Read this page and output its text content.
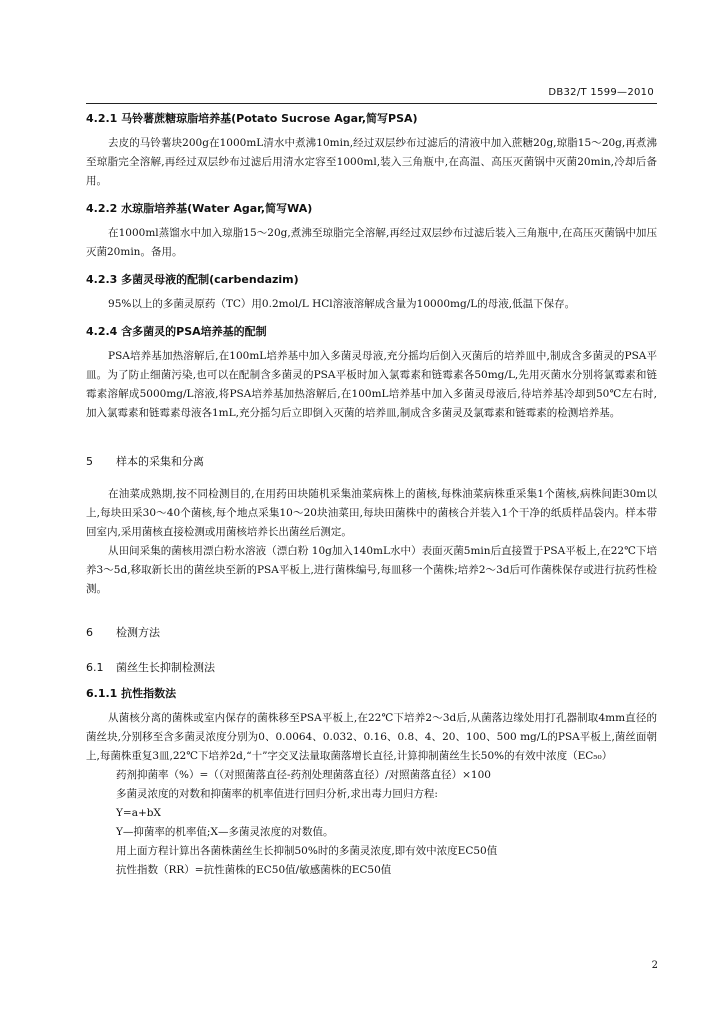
DB32/T 1599—2010

4.2.1 马铃薯蔗糖琼脂培养基(Potato Sucrose Agar,简写PSA)

去皮的马铃薯块200g在1000mL清水中煮沸10min,经过双层纱布过滤后的清液中加入蔗糖20g,琼脂15～20g,再煮沸至琼脂完全溶解,再经过双层纱布过滤后用清水定容至1000ml,装入三角瓶中,在高温、高压灭菌锅中灭菌20min,冷却后备用。

4.2.2 水琼脂培养基(Water Agar,简写WA)

在1000ml蒸馏水中加入琼脂15～20g,煮沸至琼脂完全溶解,再经过双层纱布过滤后装入三角瓶中,在高压灭菌锅中加压灭菌20min。备用。

4.2.3 多菌灵母液的配制(carbendazim)

95%以上的多菌灵原药（TC）用0.2mol/L HCl溶液溶解成含量为10000mg/L的母液,低温下保存。

4.2.4 含多菌灵的PSA培养基的配制

PSA培养基加热溶解后,在100mL培养基中加入多菌灵母液,充分摇均后倒入灭菌后的培养皿中,制成含多菌灵的PSA平皿。为了防止细菌污染,也可以在配制含多菌灵的PSA平板时加入氯霉素和链霉素各50mg/L,先用灭菌水分别将氯霉素和链霉素溶解成5000mg/L溶液,将PSA培养基加热溶解后,在100mL培养基中加入多菌灵母液后,待培养基冷却到50℃左右时,加入氯霉素和链霉素母液各1mL,充分摇匀后立即倒入灭菌的培养皿,制成含多菌灵及氯霉素和链霉素的检测培养基。

5 样本的采集和分离

在油菜成熟期,按不同检测目的,在用药田块随机采集油菜病株上的菌核,每株油菜病株重采集1个菌核,病株间距30m以上,每块田采30～40个菌核,每个地点采集10～20块油菜田,每块田菌株中的菌核合并装入1个干净的纸质样品袋内。样本带回室内,采用菌核直接检测或用菌核培养长出菌丝后测定。

从田间采集的菌核用漂白粉水溶液（漂白粉 10g加入140mL水中）表面灭菌5min后直接置于PSA平板上,在22℃下培养3～5d,移取新长出的菌丝块至新的PSA平板上,进行菌株编号,每皿移一个菌株;培养2～3d后可作菌株保存或进行抗药性检测。

6 检测方法

6.1 菌丝生长抑制检测法

6.1.1 抗性指数法

从菌核分离的菌株或室内保存的菌株移至PSA平板上,在22℃下培养2～3d后,从菌落边缘处用打孔器制取4mm直径的菌丝块,分别移至含多菌灵浓度分别为0、0.0064、0.032、0.16、0.8、4、20、100、500 mg/L的PSA平板上,菌丝面朝上,每菌株重复3皿,22℃下培养2d,“十”字交叉法量取菌落增长直径,计算抑制菌丝生长50%的有效中浓度（EC₅₀）

药剂抑菌率（%）=（（对照菌落直径-药剂处理菌落直径）/对照菌落直径）×100

多菌灵浓度的对数和抑菌率的机率值进行回归分析,求出毒力回归方程:

Y=a+bX

Y—抑菌率的机率值;X—多菌灵浓度的对数值。

用上面方程计算出各菌株菌丝生长抑制50%时的多菌灵浓度,即有效中浓度EC50值

抗性指数（RR）=抗性菌株的EC50值/敏感菌株的EC50值

2
